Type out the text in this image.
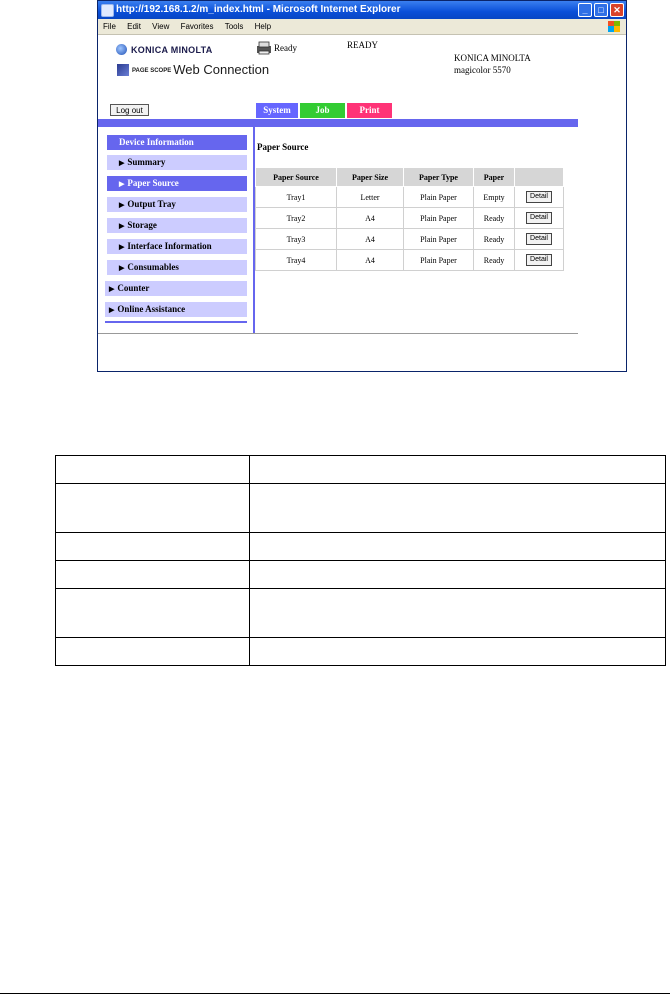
http://192.168.1.2/m_index.html - Microsoft Internet Explorer	_	□	✕
File Edit View Favorites Tools Help
KONICA MINOLTA
PAGE SCOPE Web Connection
Ready	READY
KONICA MINOLTA
magicolor 5570
Log out	System	Job	Print
Device Information
▶ Summary
▶ Paper Source
▶ Output Tray
▶ Storage
▶ Interface Information
▶ Consumables
▶ Counter
▶ Online Assistance
Paper Source
Paper Source	Paper Size	Paper Type	Paper	
Tray1	Letter	Plain Paper	Empty	Detail
Tray2	A4	Plain Paper	Ready	Detail
Tray3	A4	Plain Paper	Ready	Detail
Tray4	A4	Plain Paper	Ready	Detail
